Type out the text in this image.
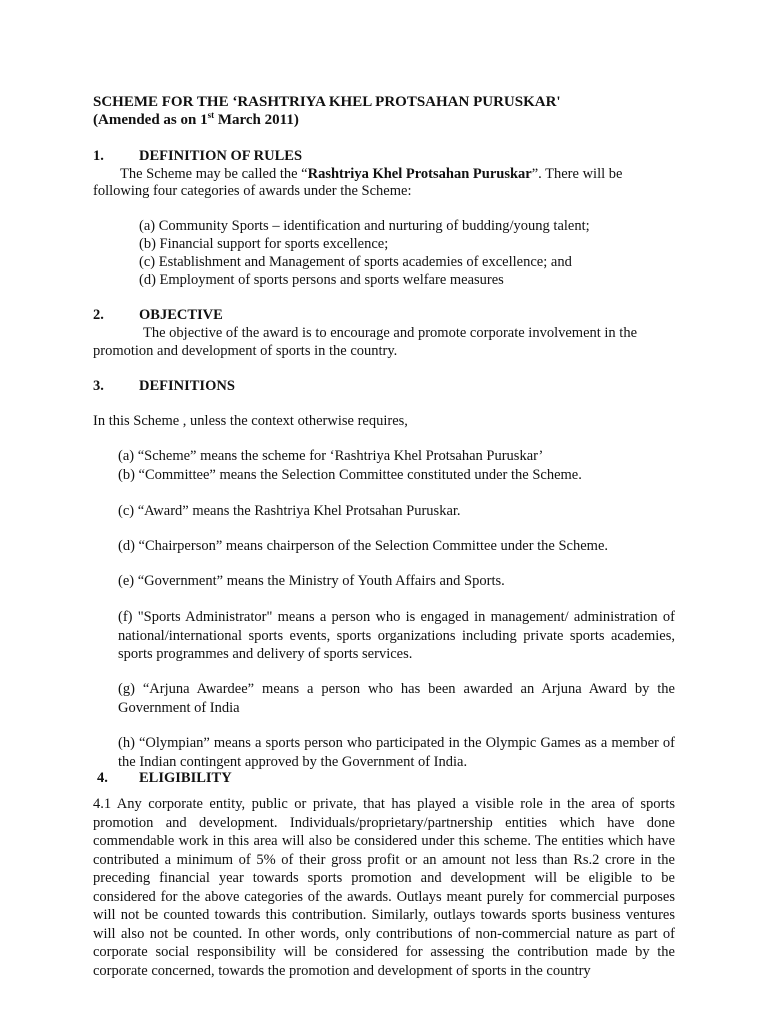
SCHEME FOR THE ‘RASHTRIYA KHEL PROTSAHAN PURUSKAR'
(Amended as on 1st March 2011)
1. DEFINITION OF RULES
The Scheme may be called the “Rashtriya Khel Protsahan Puruskar”. There will be
following four categories of awards under the Scheme:
(a) Community Sports – identification and nurturing of budding/young talent;
(b) Financial support for sports excellence;
(c) Establishment and Management of sports academies of excellence; and
(d) Employment of sports persons and sports welfare measures
2. OBJECTIVE
The objective of the award is to encourage and promote corporate involvement in the
promotion and development of sports in the country.
3. DEFINITIONS
In this Scheme , unless the context otherwise requires,
(a) “Scheme” means the scheme for ‘Rashtriya Khel Protsahan Puruskar’
(b) “Committee” means the Selection Committee constituted under the Scheme.
(c) “Award” means the Rashtriya Khel Protsahan Puruskar.
(d) “Chairperson” means chairperson of the Selection Committee under the Scheme.
(e) “Government” means the Ministry of Youth Affairs and Sports.
(f) "Sports Administrator" means a person who is engaged in management/ administration of national/international sports events, sports organizations including private sports academies, sports programmes and delivery of sports services.
(g) “Arjuna Awardee” means a person who has been awarded an Arjuna Award by the Government of India
(h) “Olympian” means a sports person who participated in the Olympic Games as a member of the Indian contingent approved by the Government of India.
4. ELIGIBILITY
4.1 Any corporate entity, public or private, that has played a visible role in the area of sports promotion and development. Individuals/proprietary/partnership entities which have done commendable work in this area will also be considered under this scheme. The entities which have contributed a minimum of 5% of their gross profit or an amount not less than Rs.2 crore in the preceding financial year towards sports promotion and development will be eligible to be considered for the above categories of the awards. Outlays meant purely for commercial purposes will not be counted towards this contribution. Similarly, outlays towards sports business ventures will also not be counted. In other words, only contributions of non-commercial nature as part of corporate social responsibility will be considered for assessing the contribution made by the corporate concerned, towards the promotion and development of sports in the country
